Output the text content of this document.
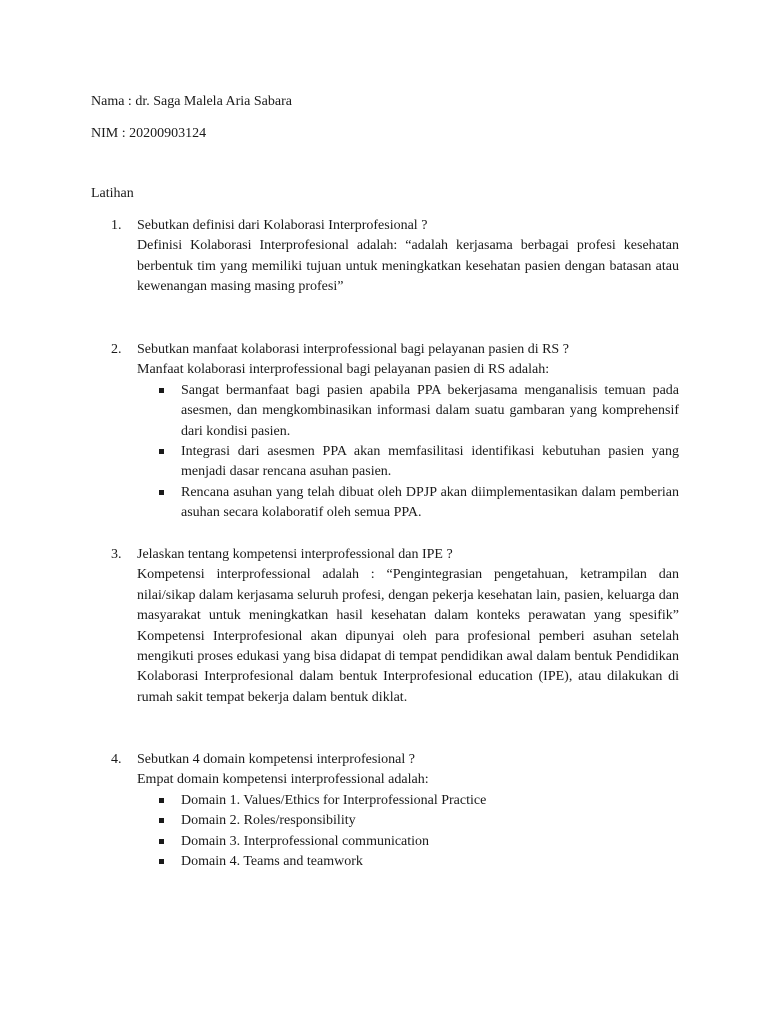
Nama : dr. Saga Malela Aria Sabara
NIM : 20200903124
Latihan
1. Sebutkan definisi dari Kolaborasi Interprofesional ?
Definisi Kolaborasi Interprofesional adalah: “adalah kerjasama berbagai profesi kesehatan berbentuk tim yang memiliki tujuan untuk meningkatkan kesehatan pasien dengan batasan atau kewenangan masing masing profesi”
2. Sebutkan manfaat kolaborasi interprofessional bagi pelayanan pasien di RS ?
Manfaat kolaborasi interprofessional bagi pelayanan pasien di RS adalah:
Sangat bermanfaat bagi pasien apabila PPA bekerjasama menganalisis temuan pada asesmen, dan mengkombinasikan informasi dalam suatu gambaran yang komprehensif dari kondisi pasien.
Integrasi dari asesmen PPA akan memfasilitasi identifikasi kebutuhan pasien yang menjadi dasar rencana asuhan pasien.
Rencana asuhan yang telah dibuat oleh DPJP akan diimplementasikan dalam pemberian asuhan secara kolaboratif oleh semua PPA.
3. Jelaskan tentang kompetensi interprofessional dan IPE ?
Kompetensi interprofessional adalah : “Pengintegrasian pengetahuan, ketrampilan dan nilai/sikap dalam kerjasama seluruh profesi, dengan pekerja kesehatan lain, pasien, keluarga dan masyarakat untuk meningkatkan hasil kesehatan dalam konteks perawatan yang spesifik” Kompetensi Interprofesional akan dipunyai oleh para profesional pemberi asuhan setelah mengikuti proses edukasi yang bisa didapat di tempat pendidikan awal dalam bentuk Pendidikan Kolaborasi Interprofesional dalam bentuk Interprofesional education (IPE), atau dilakukan di rumah sakit tempat bekerja dalam bentuk diklat.
4. Sebutkan 4 domain kompetensi interprofesional ?
Empat domain kompetensi interprofessional adalah:
Domain 1. Values/Ethics for Interprofessional Practice
Domain 2. Roles/responsibility
Domain 3. Interprofessional communication
Domain 4. Teams and teamwork
